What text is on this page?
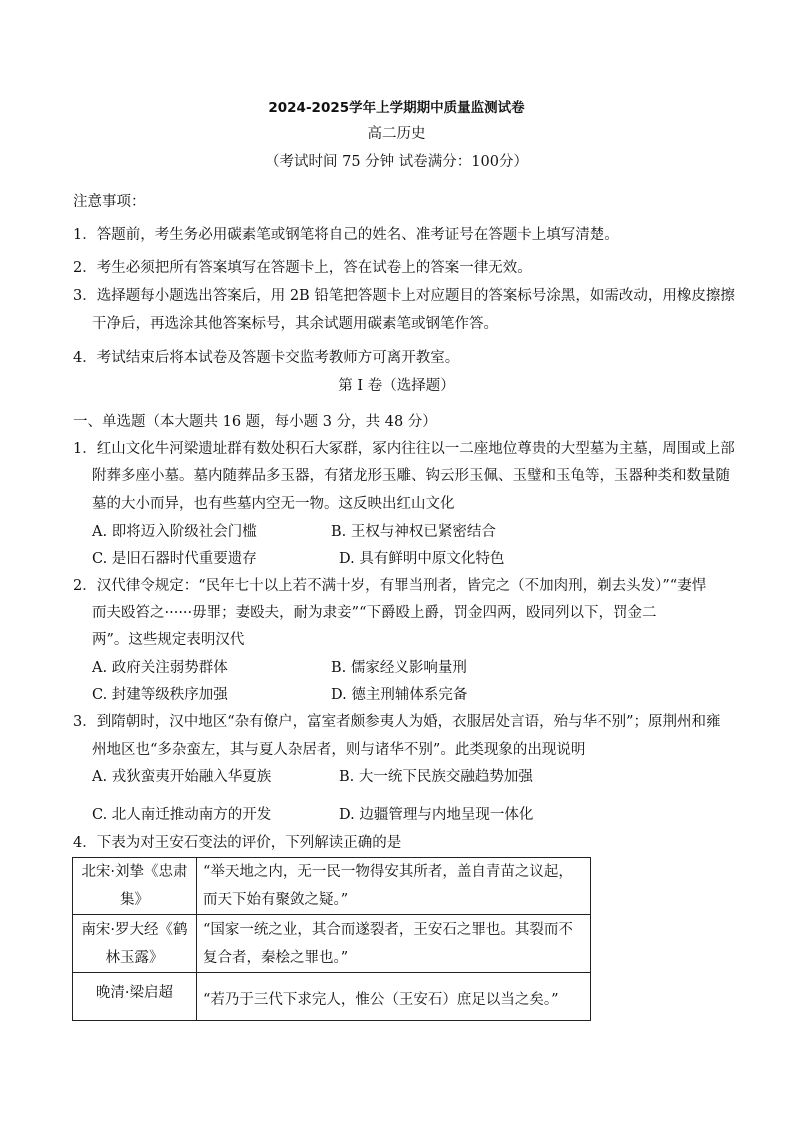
2024-2025学年上学期期中质量监测试卷
高二历史
（考试时间 75 分钟 试卷满分：100分）
注意事项：
1．答题前，考生务必用碳素笔或钢笔将自己的姓名、准考证号在答题卡上填写清楚。
2．考生必须把所有答案填写在答题卡上，答在试卷上的答案一律无效。
3．选择题每小题选出答案后，用 2B 铅笔把答题卡上对应题目的答案标号涂黑，如需改动，用橡皮擦擦
干净后，再选涂其他答案标号，其余试题用碳素笔或钢笔作答。
4．考试结束后将本试卷及答题卡交监考教师方可离开教室。
第 I 卷（选择题）
一、单选题（本大题共 16 题，每小题 3 分，共 48 分）
1．红山文化牛河梁遗址群有数处积石大冢群，冢内往往以一二座地位尊贵的大型墓为主墓，周围或上部
附葬多座小墓。墓内随葬品多玉器，有猪龙形玉雕、钩云形玉佩、玉璧和玉龟等，玉器种类和数量随
墓的大小而异，也有些墓内空无一物。这反映出红山文化
A. 即将迈入阶级社会门槛	B. 王权与神权已紧密结合
C. 是旧石器时代重要遗存	D. 具有鲜明中原文化特色
2．汉代律令规定：“民年七十以上若不满十岁，有罪当刑者，皆完之（不加肉刑，剃去头发）”“妻悍
而夫殴笞之······毋罪；妻殴夫，耐为隶妾”“下爵殴上爵，罚金四两，殴同列以下，罚金二
两”。这些规定表明汉代
A. 政府关注弱势群体	B. 儒家经义影响量刑
C. 封建等级秩序加强	D. 德主刑辅体系完备
3．到隋朝时，汉中地区“杂有僚户，富室者颇参夷人为婚，衣服居处言语，殆与华不别”；原荆州和雍
州地区也“多杂蛮左，其与夏人杂居者，则与诸华不别”。此类现象的出现说明
A. 戎狄蛮夷开始融入华夏族	B. 大一统下民族交融趋势加强
C. 北人南迁推动南方的开发	D. 边疆管理与内地呈现一体化
4．下表为对王安石变法的评价，下列解读正确的是
北宋·刘挚《忠肃集》	“举天地之内，无一民一物得安其所者，盖自青苗之议起，而天下始有聚敛之疑。”
南宋·罗大经《鹤林玉露》	“国家一统之业，其合而遂裂者，王安石之罪也。其裂而不复合者，秦桧之罪也。”
晚清·梁启超	“若乃于三代下求完人，惟公（王安石）庶足以当之矣。”
